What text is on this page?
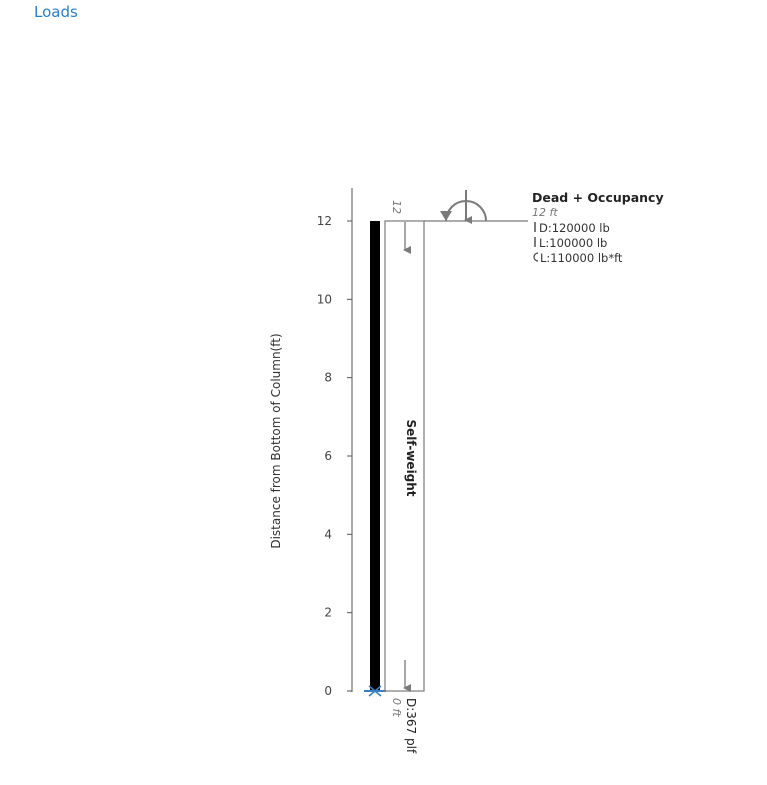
Loads
0
2
4
6
8
10
12
Distance from Bottom of Column(ft)	Self-weight
12
0 ft D:367 plf
Dead + Occupancy
12 ft
D:120000 lb
L:100000 lb
L:110000 lb*ft
